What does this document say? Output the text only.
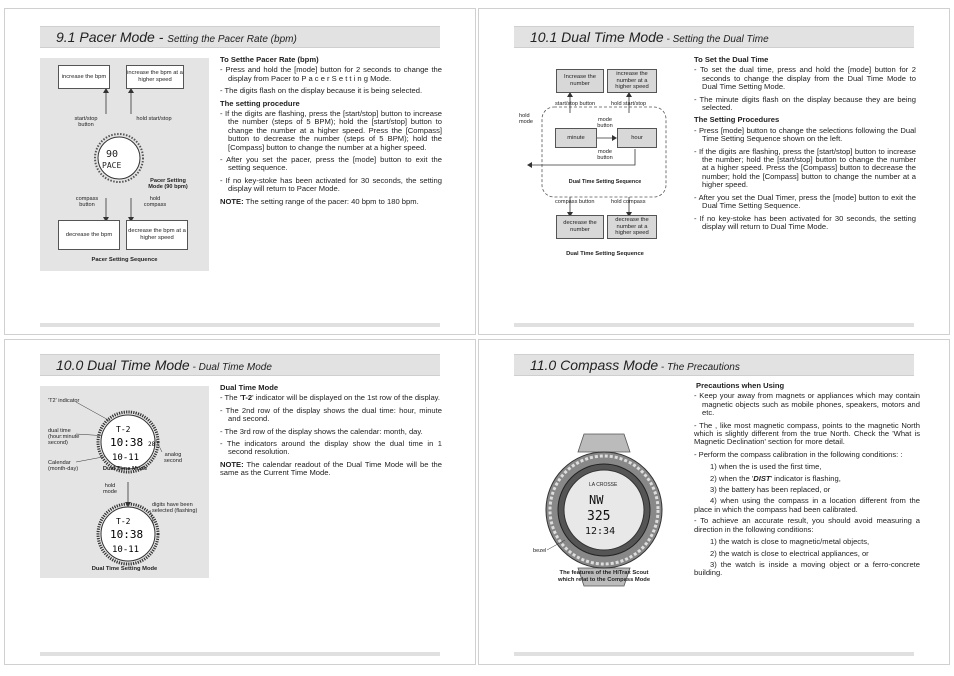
9.1 Pacer Mode - Setting the Pacer Rate (bpm)
90
PACE
increase the bpm
increase the bpm at a higher speed
start/stop button
hold start/stop
Pacer Setting Mode (90 bpm)
compass button
hold compass
decrease the bpm
decrease the bpm at a higher speed
Pacer Setting Sequence

To Setthe Pacer Rate (bpm)

- Press and hold the [mode] button for 2 seconds to change the display from Pacer to P a c e r S e t t i n g Mode.

- The digits flash on the display because it is being selected.

The setting procedure

- If the digits are flashing, press the [start/stop] button to increase the number (steps of 5 BPM); hold the [start/stop] button to change the number at a higher speed. Press the [Compass] button to decrease the number (steps of 5 BPM); hold the [Compass] button to change the number at a higher speed.

- After you set the pacer, press the [mode] button to exit the setting sequence.

- If no key-stoke has been activated for 30 seconds, the setting display will return to Pacer Mode.

NOTE: The setting range of the pacer: 40 bpm to 180 bpm.

10.1 Dual Time Mode - Setting the Dual Time
Increase the number
increase the number at a higher speed
start/stop button	hold start/stop
hold mode	mode button
minute	hour
mode button
Dual Time Setting Sequence
compass button	hold compass
decrease the number
decrease the number at a higher speed
Dual Time Setting Sequence

To Set the Dual Time

- To set the dual time, press and hold the [mode] button for 2 seconds to change the display from the Dual Time Mode to Dual Time Setting Mode.

- The minute digits flash on the display because they are being selected.

The Setting Procedures

- Press [mode] button to change the selections following the Dual Time Setting Sequence shown on the left.

- If the digits are flashing, press the [start/stop] button to increase the number; hold the [start/stop] button to change the number at a higher speed. Press the [Compass] button to decrease the number; hold the [Compass] button to change the number at a higher speed.

- After you set the Dual Timer, press the [mode] button to exit the Dual Time Setting Sequence.

- If no key-stoke has been activated for 30 seconds, the setting display will return to Dual Time Mode.

10.0 Dual Time Mode - Dual Time Mode
T-2
10:38 28
10-11
T-2
10:38
10-11
'T2' indicator
dual time (hour:minute second)
Calendar (month-day)
analog second
Dual Time Mode
hold mode
digits have been selected (flashing)
Dual Time Setting Mode

Dual Time Mode

- The 'T-2' indicator will be displayed on the 1st row of the display.

- The 2nd row of the display shows the dual time: hour, minute and second.

- The 3rd row of the display shows the calendar: month, day.

- The indicators around the display show the dual time in 1 second resolution.

NOTE: The calendar readout of the Dual Time Mode will be the same as the Current Time Mode.

11.0 Compass Mode - The Precautions
LA CROSSE
NW
325
12:34
bezel
The features of the HiTrax Scout
which relat to the Compass Mode

Precautions when Using

- Keep your away from magnets or appliances which may contain magnetic objects such as mobile phones, speakers, motors and etc.

- The , like most magnetic compass, points to the magnetic North which is slightly different from the true North. Check the 'What is Magnetic Declination' section for more detail.

- Perform the compass calibration in the following conditions: :

1) when the is used the first time,

2) when the 'DIST' indicator is flashing,

3) the battery has been replaced, or

4) when using the compass in a location different from the place in which the compass had been calibrated.

- To achieve an accurate result, you should avoid measuring a direction in the following conditions:

1) the watch is close to magnetic/metal objects,

2) the watch is close to electrical appliances, or

3) the watch is inside a moving object or a ferro-concrete building.
